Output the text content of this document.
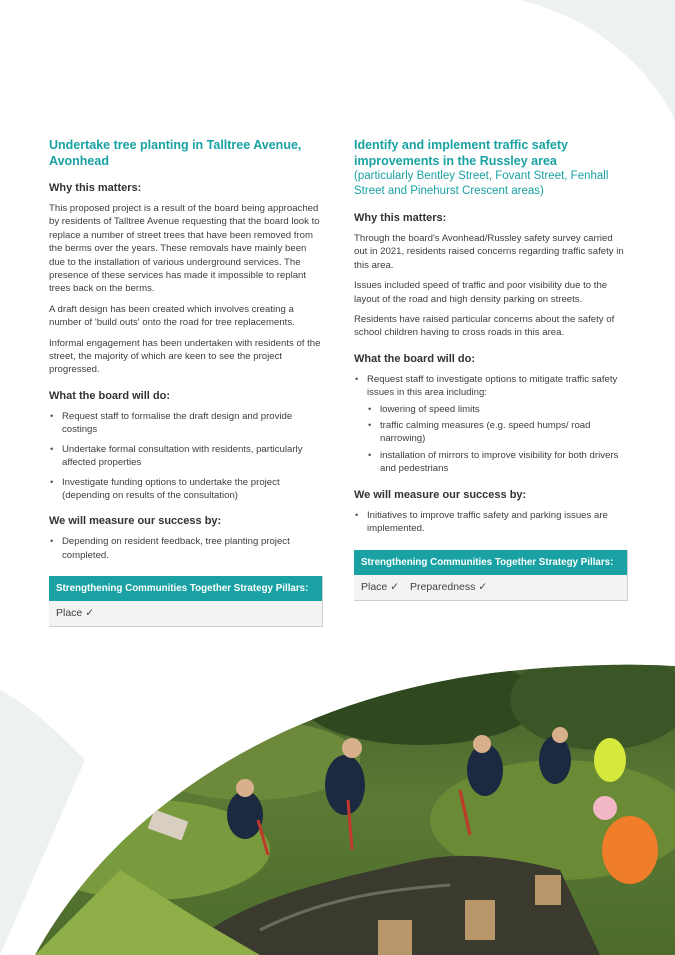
Undertake tree planting in Talltree Avenue, Avonhead
Why this matters:

This proposed project is a result of the board being approached by residents of Talltree Avenue requesting that the board look to replace a number of street trees that have been removed from the berms over the years. These removals have mainly been due to the installation of various underground services. The presence of these services has made it impossible to replant trees back on the berms.

A draft design has been created which involves creating a number of 'build outs' onto the road for tree replacements.

Informal engagement has been undertaken with residents of the street, the majority of which are keen to see the project progressed.

What the board will do:
• Request staff to formalise the draft design and provide costings
• Undertake formal consultation with residents, particularly affected properties
• Investigate funding options to undertake the project (depending on results of the consultation)
We will measure our success by:
• Depending on resident feedback, tree planting project completed.
Strengthening Communities Together Strategy Pillars:
Place ✓
Identify and implement traffic safety improvements in the Russley area

(particularly Bentley Street, Fovant Street, Fenhall Street and Pinehurst Crescent areas)

Why this matters:

Through the board's Avonhead/Russley safety survey carried out in 2021, residents raised concerns regarding traffic safety in this area.

Issues included speed of traffic and poor visibility due to the layout of the road and high density parking on streets.

Residents have raised particular concerns about the safety of school children having to cross roads in this area.

What the board will do:
• Request staff to investigate options to mitigate traffic safety issues in this area including:
• lowering of speed limits
• traffic calming measures (e.g. speed humps/ road narrowing)
• installation of mirrors to improve visibility for both drivers and pedestrians
We will measure our success by:
• Initiatives to improve traffic safety and parking issues are implemented.
Strengthening Communities Together Strategy Pillars:
Place ✓ Preparedness ✓
